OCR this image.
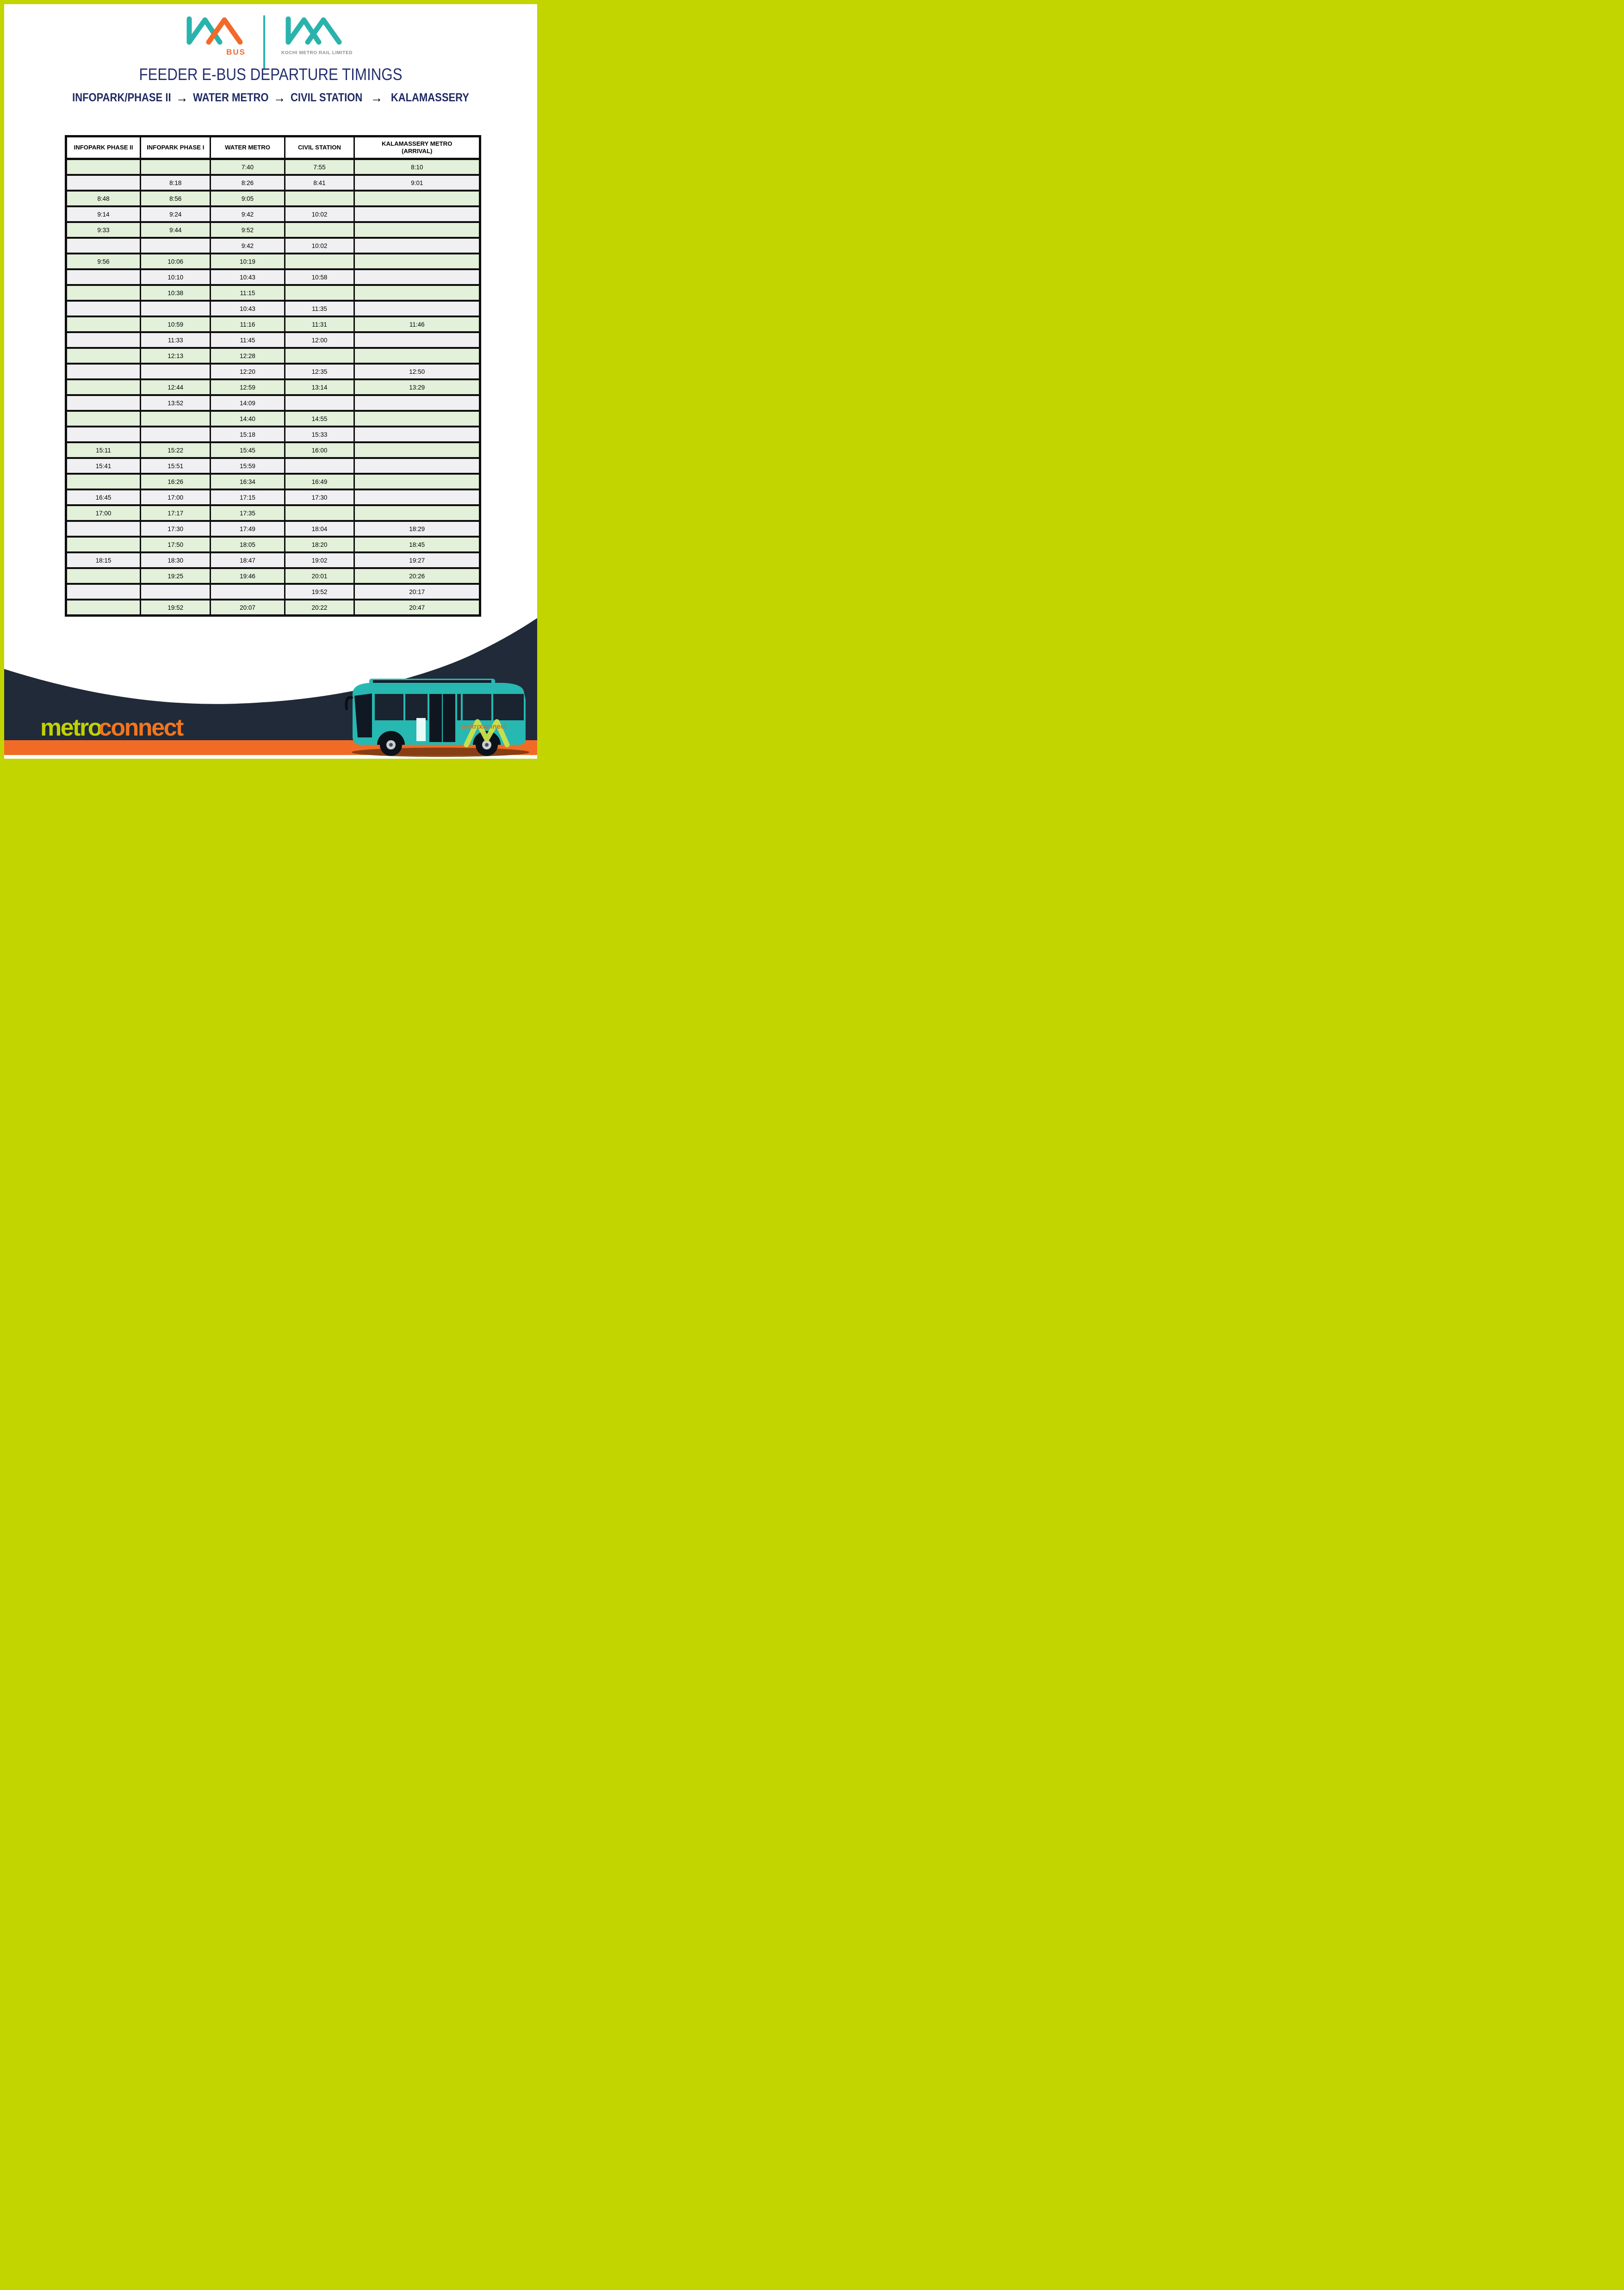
BUS	KOCHI METRO RAIL LIMITED
FEEDER E-BUS DEPARTURE TIMINGS
INFOPARK/PHASE II → WATER METRO → CIVIL STATION → KALAMASSERY
INFOPARK PHASE II	INFOPARK PHASE I	WATER METRO	CIVIL STATION	KALAMASSERY METRO (ARRIVAL)
		7:40	7:55	8:10
	8:18	8:26	8:41	9:01
8:48	8:56	9:05		
9:14	9:24	9:42	10:02	
9:33	9:44	9:52		
		9:42	10:02	
9:56	10:06	10:19		
	10:10	10:43	10:58	
	10:38	11:15		
		10:43	11:35	
	10:59	11:16	11:31	11:46
	11:33	11:45	12:00	
	12:13	12:28		
		12:20	12:35	12:50
	12:44	12:59	13:14	13:29
	13:52	14:09		
		14:40	14:55	
		15:18	15:33	
15:11	15:22	15:45	16:00	
15:41	15:51	15:59		
	16:26	16:34	16:49	
16:45	17:00	17:15	17:30	
17:00	17:17	17:35		
	17:30	17:49	18:04	18:29
	17:50	18:05	18:20	18:45
18:15	18:30	18:47	19:02	19:27
	19:25	19:46	20:01	20:26
			19:52	20:17
	19:52	20:07	20:22	20:47
metroconnect	metroconnect
